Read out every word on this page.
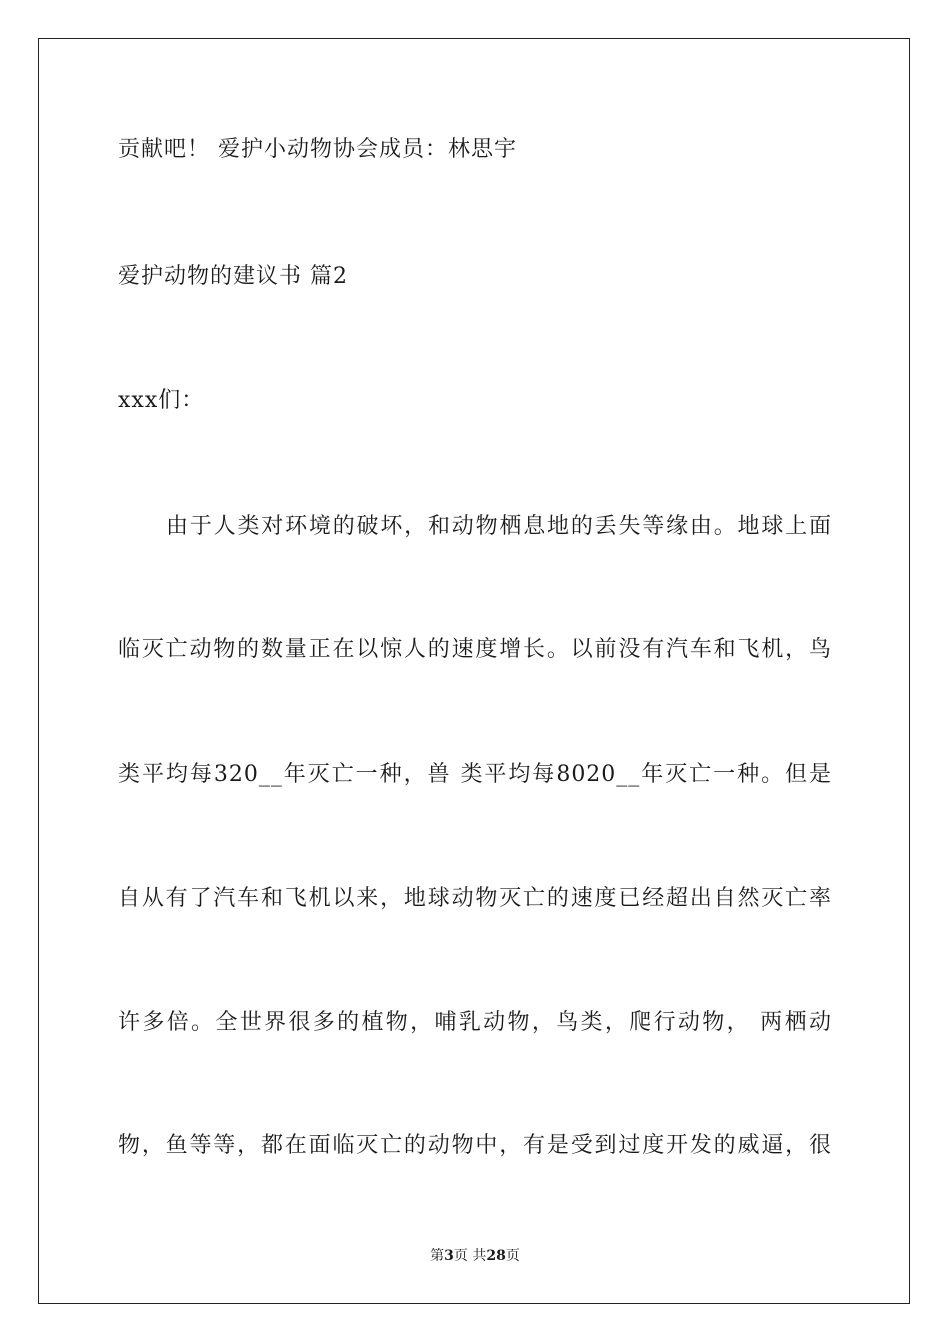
贡献吧！ 爱护小动物协会成员：林思宇
爱护动物的建议书 篇2
xxx们：
由于人类对环境的破坏，和动物栖息地的丢失等缘由。地球上面
临灭亡动物的数量正在以惊人的速度增长。以前没有汽车和飞机，鸟
类平均每320__年灭亡一种，兽 类平均每8020__年灭亡一种。但是
自从有了汽车和飞机以来，地球动物灭亡的速度已经超出自然灭亡率
许多倍。全世界很多的植物，哺乳动物，鸟类，爬行动物， 两栖动
物，鱼等等，都在面临灭亡的动物中，有是受到过度开发的威逼，很
第3页 共28页
